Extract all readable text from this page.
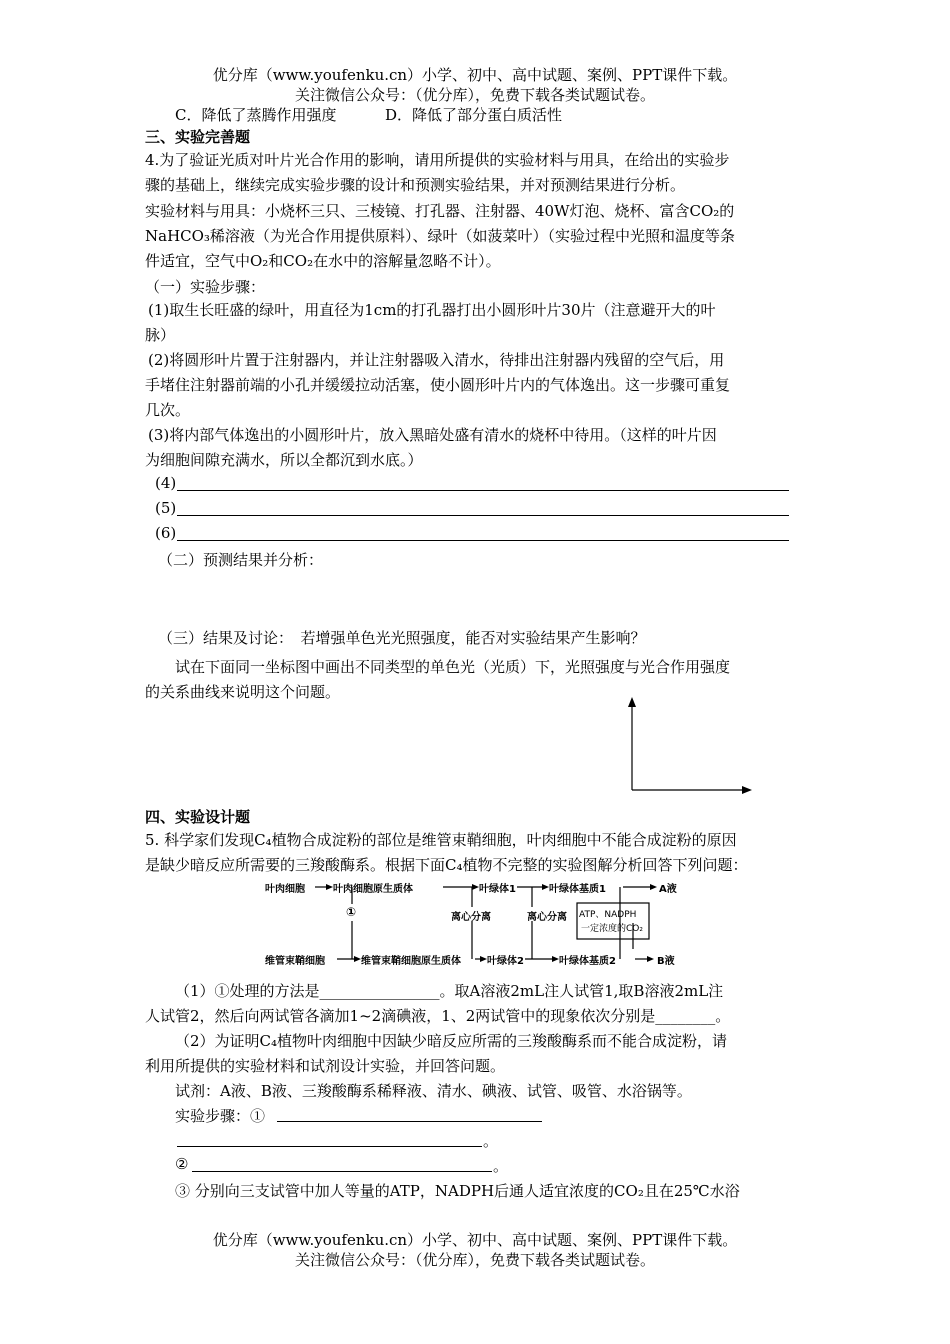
优分库（www.youfenku.cn）小学、初中、高中试题、案例、PPT课件下载。
关注微信公众号：（优分库），免费下载各类试题试卷。
C．降低了蒸腾作用强度	D．降低了部分蛋白质活性
三、实验完善题
4.为了验证光质对叶片光合作用的影响，请用所提供的实验材料与用具，在给出的实验步
骤的基础上，继续完成实验步骤的设计和预测实验结果，并对预测结果进行分析。
实验材料与用具：小烧杯三只、三棱镜、打孔器、注射器、40W灯泡、烧杯、富含CO₂的
NaHCO₃稀溶液（为光合作用提供原料）、绿叶（如菠菜叶）（实验过程中光照和温度等条
件适宜，空气中O₂和CO₂在水中的溶解量忽略不计）。
（一）实验步骤：
(1)取生长旺盛的绿叶，用直径为1cm的打孔器打出小圆形叶片30片（注意避开大的叶
脉）
(2)将圆形叶片置于注射器内，并让注射器吸入清水，待排出注射器内残留的空气后，用
手堵住注射器前端的小孔并缓缓拉动活塞，使小圆形叶片内的气体逸出。这一步骤可重复
几次。
(3)将内部气体逸出的小圆形叶片，放入黑暗处盛有清水的烧杯中待用。（这样的叶片因
为细胞间隙充满水，所以全都沉到水底。）
(4)
(5)
(6)
（二）预测结果并分析：
（三）结果及讨论：　若增强单色光光照强度，能否对实验结果产生影响？
试在下面同一坐标图中画出不同类型的单色光（光质）下，光照强度与光合作用强度
的关系曲线来说明这个问题。
四、实验设计题
5. 科学家们发现C₄植物合成淀粉的部位是维管束鞘细胞，叶肉细胞中不能合成淀粉的原因
是缺少暗反应所需要的三羧酸酶系。根据下面C₄植物不完整的实验图解分析回答下列问题：
叶肉细胞	叶肉细胞原生质体	叶绿体1	叶绿体基质1	A液
①	离心分离	离心分离 ATP、NADPH
一定浓度的CO₂
维管束鞘细胞	维管束鞘细胞原生质体	叶绿体2	叶绿体基质2	B液
（1）①处理的方法是________________。取A溶液2mL注人试管1,取B溶液2mL注
人试管2，然后向两试管各滴加1~2滴碘液，1、2两试管中的现象依次分别是________。
（2）为证明C₄植物叶肉细胞中因缺少暗反应所需的三羧酸酶系而不能合成淀粉，请
利用所提供的实验材料和试剂设计实验，并回答问题。
试剂：A液、B液、三羧酸酶系稀释液、清水、碘液、试管、吸管、水浴锅等。
实验步骤：①
。
②	。
③ 分别向三支试管中加人等量的ATP，NADPH后通人适宜浓度的CO₂且在25℃水浴
优分库（www.youfenku.cn）小学、初中、高中试题、案例、PPT课件下载。
关注微信公众号：（优分库），免费下载各类试题试卷。
